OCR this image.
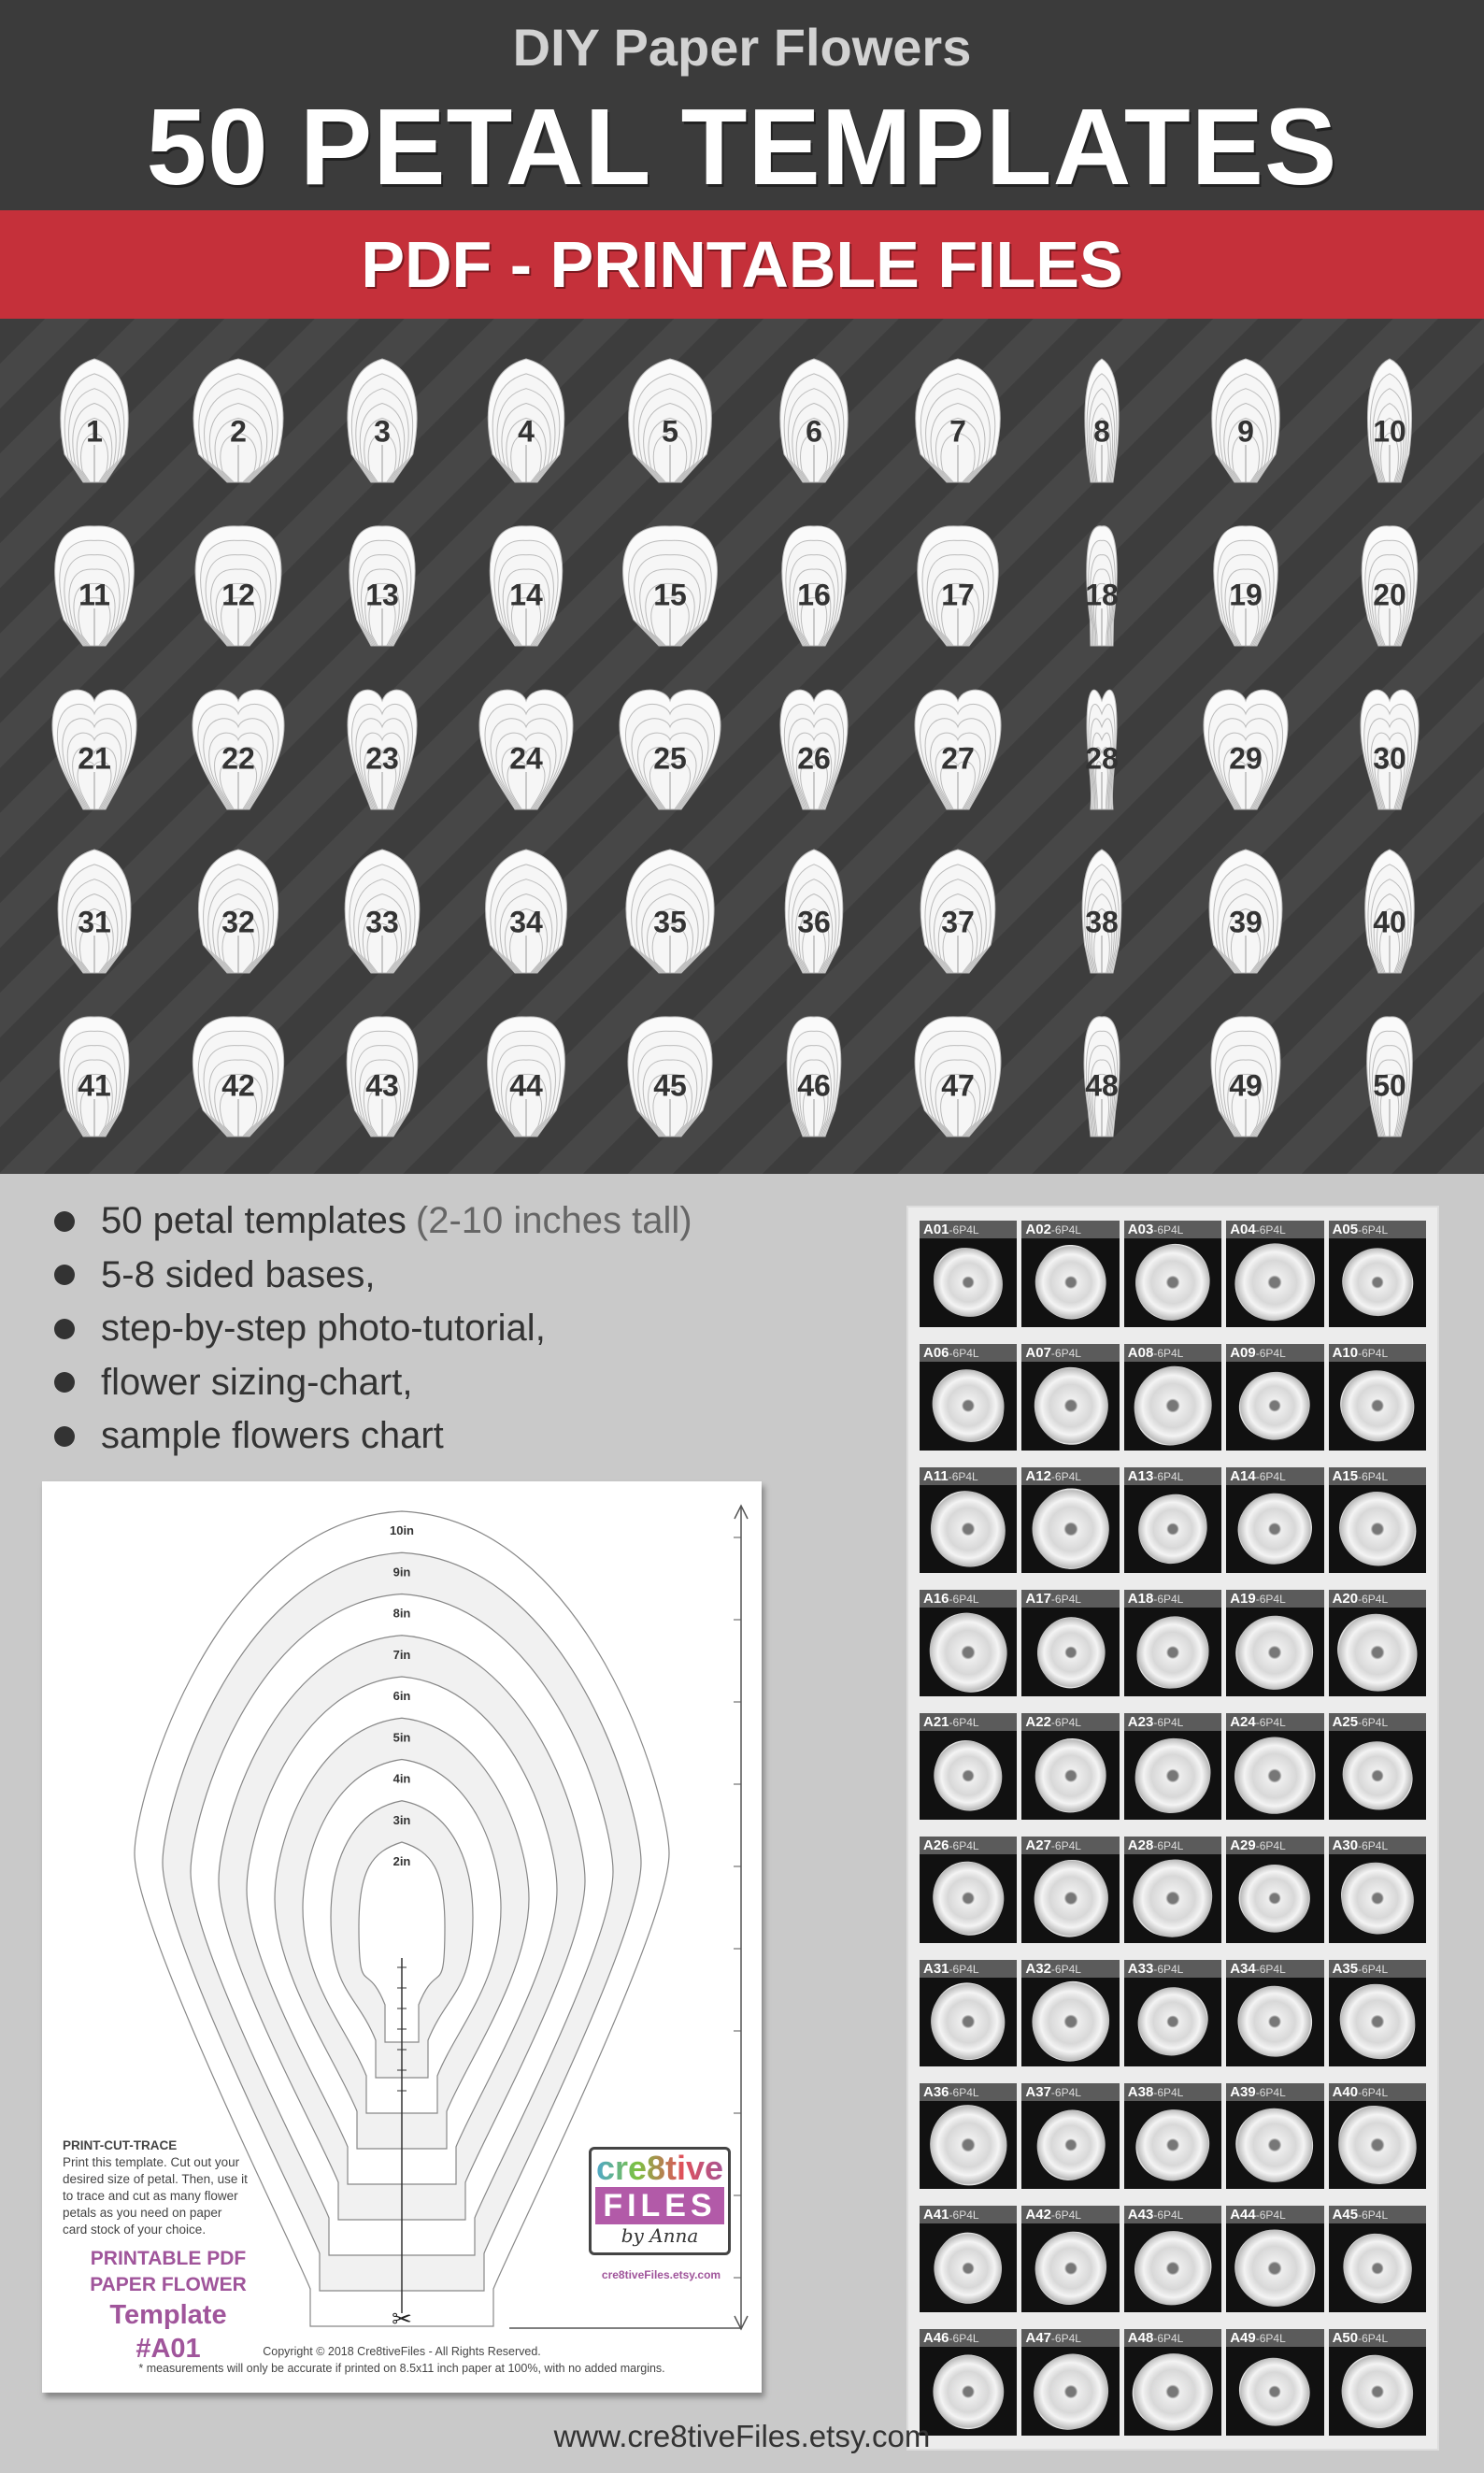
DIY Paper Flowers
50 PETAL TEMPLATES
PDF - PRINTABLE FILES
1	2	3	4	5	6	7	8	9	10
11	12	13	14	15	16	17	18	19	20
21	22	23	24	25	26	27	28	29	30
31	32	33	34	35	36	37	38	39	40
41	42	43	44	45	46	47	48	49	50
50 petal templates (2-10 inches tall)
5-8 sided bases,
step-by-step photo-tutorial,
flower sizing-chart,
sample flowers chart
10in
9in
8in
7in
6in
5in
4in
3in
2in
✂
PRINT-CUT-TRACE
Print this template. Cut out your desired size of petal. Then, use it to trace and cut as many flower petals as you need on paper card stock of your choice.
PRINTABLE PDF
PAPER FLOWER
Template #A01
cre8tive
FILES
by Anna
cre8tiveFiles.etsy.com
Copyright © 2018 Cre8tiveFiles - All Rights Reserved.
* measurements will only be accurate if printed on 8.5x11 inch paper at 100%, with no added margins.
A01-6P4L	A02-6P4L	A03-6P4L	A04-6P4L	A05-6P4L
A06-6P4L	A07-6P4L	A08-6P4L	A09-6P4L	A10-6P4L
A11-6P4L	A12-6P4L	A13-6P4L	A14-6P4L	A15-6P4L
A16-6P4L	A17-6P4L	A18-6P4L	A19-6P4L	A20-6P4L
A21-6P4L	A22-6P4L	A23-6P4L	A24-6P4L	A25-6P4L
A26-6P4L	A27-6P4L	A28-6P4L	A29-6P4L	A30-6P4L
A31-6P4L	A32-6P4L	A33-6P4L	A34-6P4L	A35-6P4L
A36-6P4L	A37-6P4L	A38-6P4L	A39-6P4L	A40-6P4L
A41-6P4L	A42-6P4L	A43-6P4L	A44-6P4L	A45-6P4L
A46-6P4L	A47-6P4L	A48-6P4L	A49-6P4L	A50-6P4L
www.cre8tiveFiles.etsy.com
